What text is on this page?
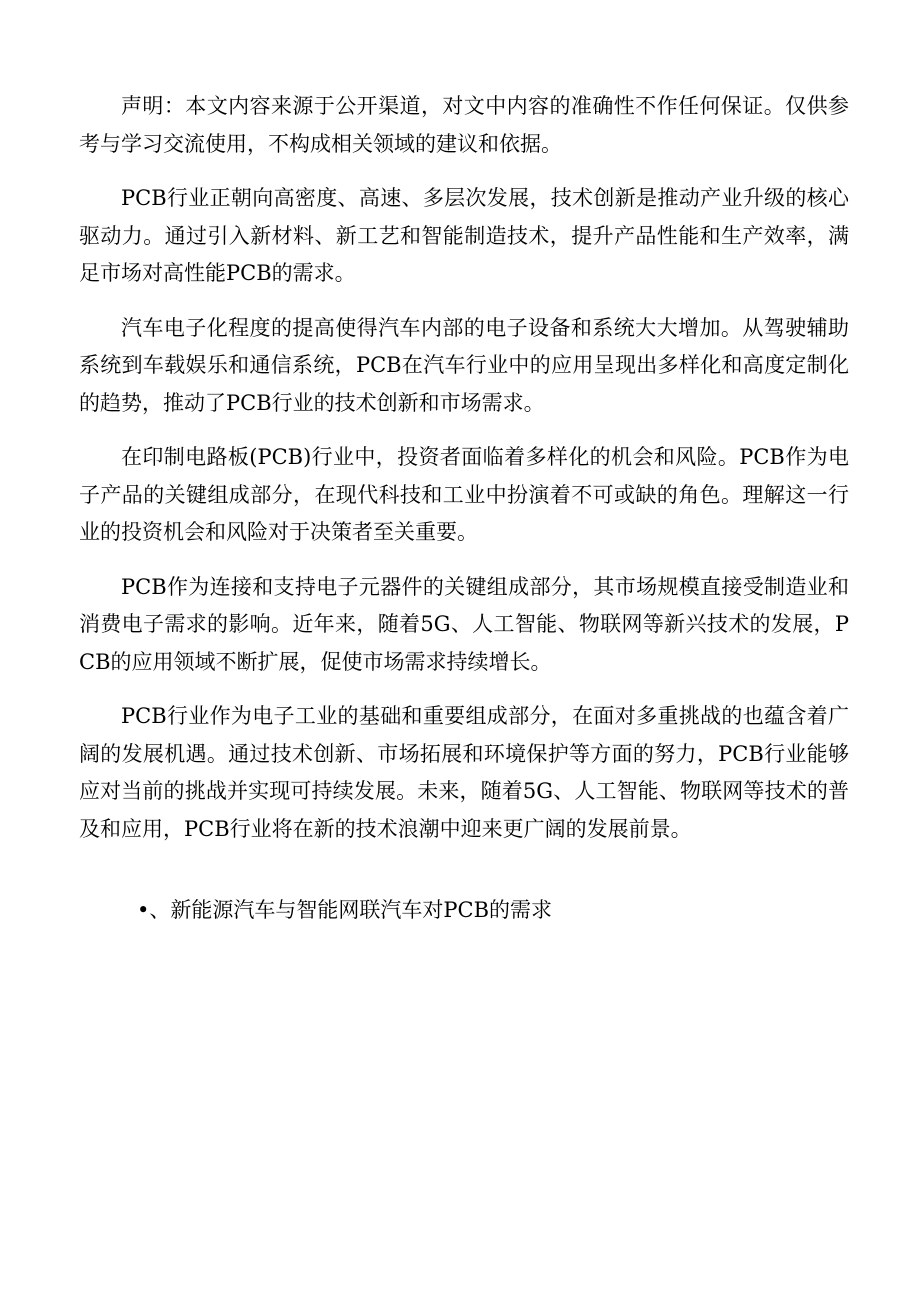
声明：本文内容来源于公开渠道，对文中内容的准确性不作任何保证。仅供参考与学习交流使用，不构成相关领域的建议和依据。

PCB行业正朝向高密度、高速、多层次发展，技术创新是推动产业升级的核心驱动力。通过引入新材料、新工艺和智能制造技术，提升产品性能和生产效率，满足市场对高性能PCB的需求。

汽车电子化程度的提高使得汽车内部的电子设备和系统大大增加。从驾驶辅助系统到车载娱乐和通信系统，PCB在汽车行业中的应用呈现出多样化和高度定制化的趋势，推动了PCB行业的技术创新和市场需求。

在印制电路板(PCB)行业中，投资者面临着多样化的机会和风险。PCB作为电子产品的关键组成部分，在现代科技和工业中扮演着不可或缺的角色。理解这一行业的投资机会和风险对于决策者至关重要。

PCB作为连接和支持电子元器件的关键组成部分，其市场规模直接受制造业和消费电子需求的影响。近年来，随着5G、人工智能、物联网等新兴技术的发展，PCB的应用领域不断扩展，促使市场需求持续增长。

PCB行业作为电子工业的基础和重要组成部分，在面对多重挑战的也蕴含着广阔的发展机遇。通过技术创新、市场拓展和环境保护等方面的努力，PCB行业能够应对当前的挑战并实现可持续发展。未来，随着5G、人工智能、物联网等技术的普及和应用，PCB行业将在新的技术浪潮中迎来更广阔的发展前景。

•、新能源汽车与智能网联汽车对PCB的需求
